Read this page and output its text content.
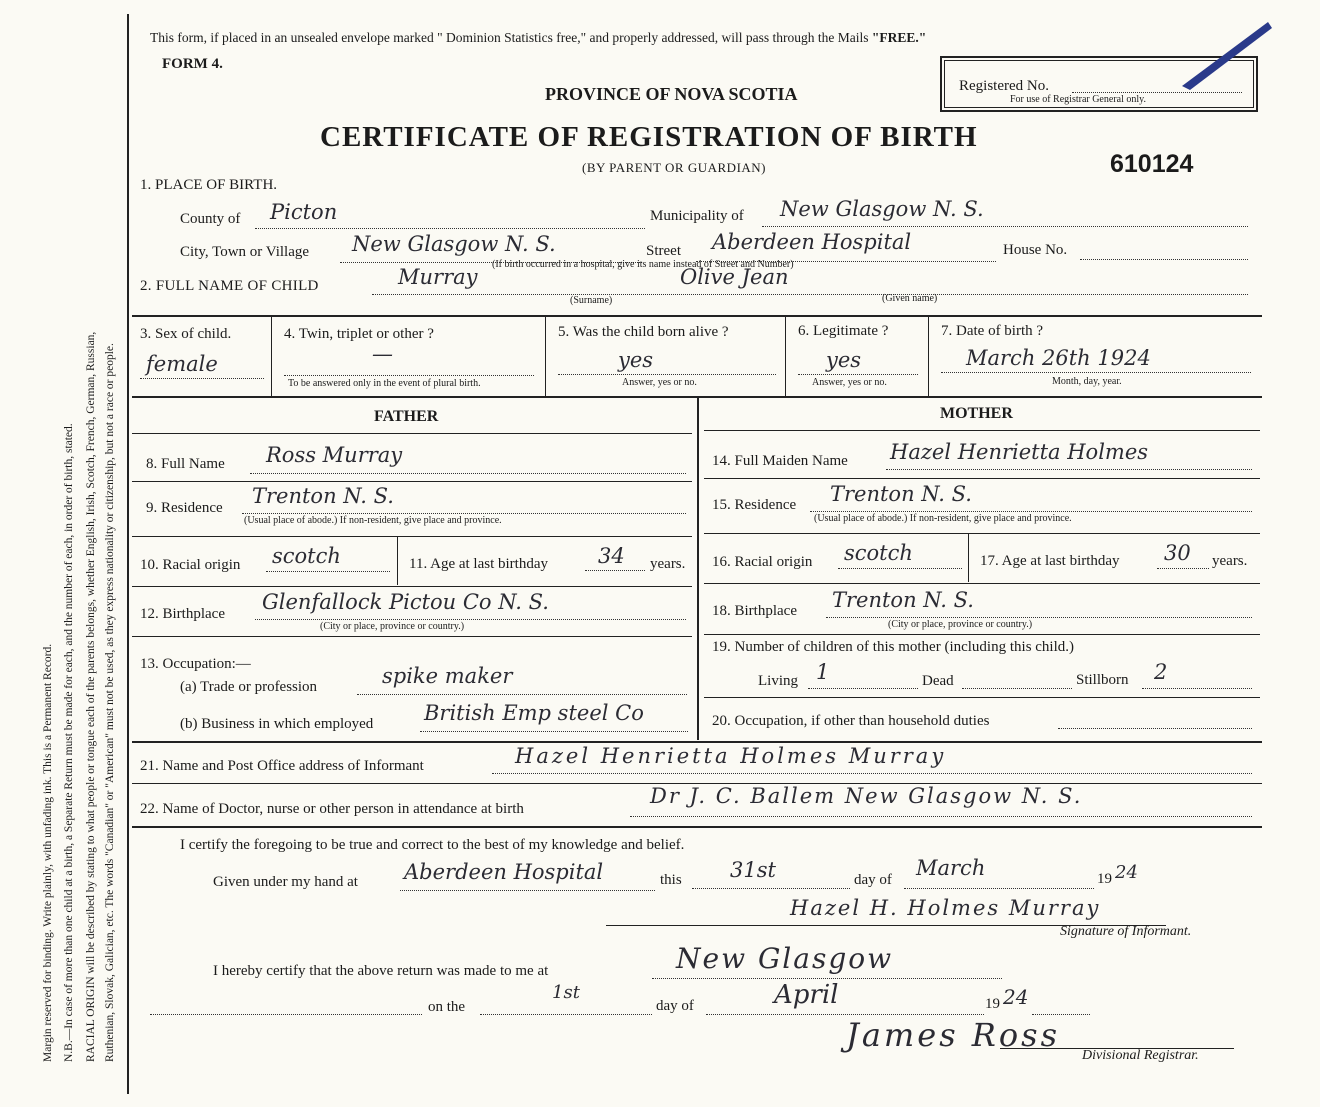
Margin reserved for binding. Write plainly, with unfading ink. This is a Permanent Record. N.B.—In case of more than one child at a birth, a Separate Return must be made for each, and the number of each, in order of birth, stated. RACIAL ORIGIN will be described by stating to what people or tongue each of the parents belongs, whether English, Irish, Scotch, French, German, Russian, Ruthenian, Slovak, Galician, etc. The words "Canadian" or "American" must not be used, as they express nationality or citizenship, but not a race or people.
This form, if placed in an unsealed envelope marked " Dominion Statistics free," and properly addressed, will pass through the Mails "FREE."
FORM 4.
PROVINCE OF NOVA SCOTIA
CERTIFICATE OF REGISTRATION OF BIRTH
(BY PARENT OR GUARDIAN)
Registered No.
For use of Registrar General only.
610124
1. PLACE OF BIRTH.
County of Picton	Municipality of New Glasgow N. S.
City, Town or Village New Glasgow N. S.	Street Aberdeen Hospital	House No.
(If birth occurred in a hospital, give its name instead of Street and Number)
2. FULL NAME OF CHILD	Murray
(Surname)
Olive Jean
(Given name)
3. Sex of child.
female
4. Twin, triplet or other ?
—
To be answered only in the event of plural birth.
5. Was the child born alive ?
yes
Answer, yes or no.
6. Legitimate ?
yes
Answer, yes or no.
7. Date of birth ?
March 26th 1924
Month, day, year.
FATHER	MOTHER
8. Full Name Ross Murray
9. Residence Trenton N. S.
(Usual place of abode.) If non-resident, give place and province.
10. Racial origin scotch	11. Age at last birthday 34 years.
12. Birthplace Glenfallock Pictou Co N. S.
(City or place, province or country.)
13. Occupation:—
(a) Trade or profession	spike maker
(b) Business in which employed British Emp steel Co
14. Full Maiden Name Hazel Henrietta Holmes
15. Residence Trenton N. S.
(Usual place of abode.) If non-resident, give place and province.
16. Racial origin scotch	17. Age at last birthday 30 years.
18. Birthplace Trenton N. S.
(City or place, province or country.)
19. Number of children of this mother (including this child.)
Living 1	Dead	Stillborn 2
20. Occupation, if other than household duties
21. Name and Post Office address of Informant	Hazel Henrietta Holmes Murray
22. Name of Doctor, nurse or other person in attendance at birth
Dr J. C. Ballem New Glasgow N. S.
I certify the foregoing to be true and correct to the best of my knowledge and belief.
Given under my hand at Aberdeen Hospital	this 31st	day of March	19 24
Hazel H. Holmes Murray
Signature of Informant.
I hereby certify that the above return was made to me at	New Glasgow
on the
1st
day of	April	19 24
James Ross
Divisional Registrar.
